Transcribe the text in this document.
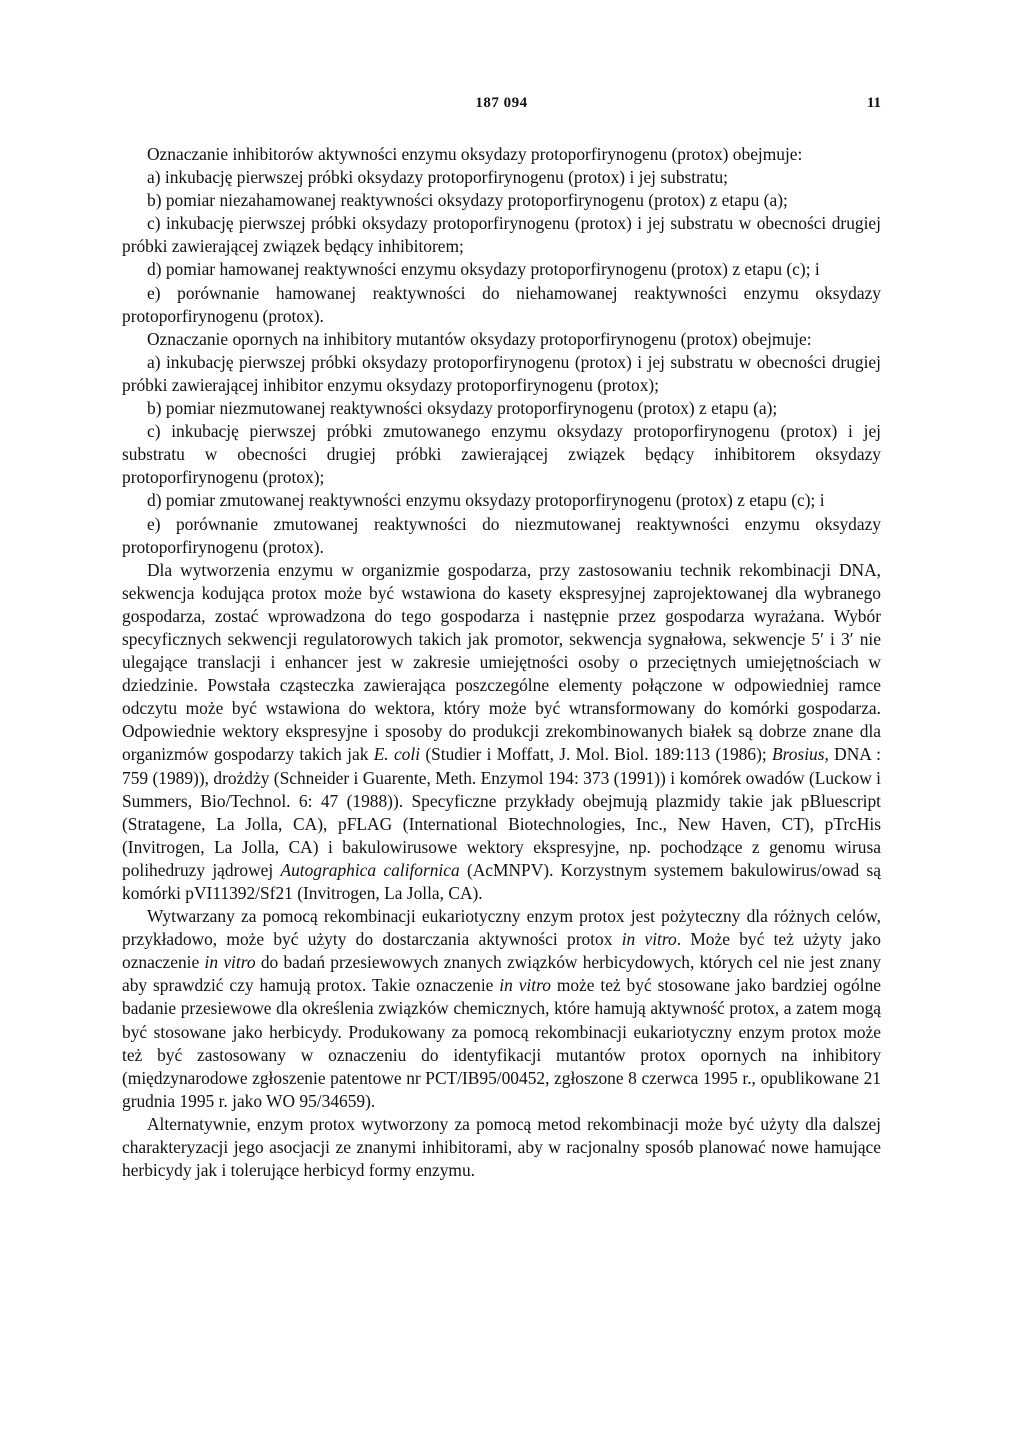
187 094	11

Oznaczanie inhibitorów aktywności enzymu oksydazy protoporfirynogenu (protox) obejmuje:

a) inkubację pierwszej próbki oksydazy protoporfirynogenu (protox) i jej substratu;

b) pomiar niezahamowanej reaktywności oksydazy protoporfirynogenu (protox) z etapu (a);

c) inkubację pierwszej próbki oksydazy protoporfirynogenu (protox) i jej substratu w obecności drugiej próbki zawierającej związek będący inhibitorem;

d) pomiar hamowanej reaktywności enzymu oksydazy protoporfirynogenu (protox) z etapu (c); i

e) porównanie hamowanej reaktywności do niehamowanej reaktywności enzymu oksydazy protoporfirynogenu (protox).

Oznaczanie opornych na inhibitory mutantów oksydazy protoporfirynogenu (protox) obejmuje:

a) inkubację pierwszej próbki oksydazy protoporfirynogenu (protox) i jej substratu w obecności drugiej próbki zawierającej inhibitor enzymu oksydazy protoporfirynogenu (protox);

b) pomiar niezmutowanej reaktywności oksydazy protoporfirynogenu (protox) z etapu (a);

c) inkubację pierwszej próbki zmutowanego enzymu oksydazy protoporfirynogenu (protox) i jej substratu w obecności drugiej próbki zawierającej związek będący inhibitorem oksydazy protoporfirynogenu (protox);

d) pomiar zmutowanej reaktywności enzymu oksydazy protoporfirynogenu (protox) z etapu (c); i

e) porównanie zmutowanej reaktywności do niezmutowanej reaktywności enzymu oksydazy protoporfirynogenu (protox).

Dla wytworzenia enzymu w organizmie gospodarza, przy zastosowaniu technik rekombinacji DNA, sekwencja kodująca protox może być wstawiona do kasety ekspresyjnej zaprojektowanej dla wybranego gospodarza, zostać wprowadzona do tego gospodarza i następnie przez gospodarza wyrażana. Wybór specyficznych sekwencji regulatorowych takich jak promotor, sekwencja sygnałowa, sekwencje 5′ i 3′ nie ulegające translacji i enhancer jest w zakresie umiejętności osoby o przeciętnych umiejętnościach w dziedzinie. Powstała cząsteczka zawierająca poszczególne elementy połączone w odpowiedniej ramce odczytu może być wstawiona do wektora, który może być wtransformowany do komórki gospodarza. Odpowiednie wektory ekspresyjne i sposoby do produkcji zrekombinowanych białek są dobrze znane dla organizmów gospodarzy takich jak E. coli (Studier i Moffatt, J. Mol. Biol. 189:113 (1986); Brosius, DNA : 759 (1989)), drożdży (Schneider i Guarente, Meth. Enzymol 194: 373 (1991)) i komórek owadów (Luckow i Summers, Bio/Technol. 6: 47 (1988)). Specyficzne przykłady obejmują plazmidy takie jak pBluescript (Stratagene, La Jolla, CA), pFLAG (International Biotechnologies, Inc., New Haven, CT), pTrcHis (Invitrogen, La Jolla, CA) i bakulowirusowe wektory ekspresyjne, np. pochodzące z genomu wirusa polihedruzy jądrowej Autographica californica (AcMNPV). Korzystnym systemem bakulowirus/owad są komórki pVI11392/Sf21 (Invitrogen, La Jolla, CA).

Wytwarzany za pomocą rekombinacji eukariotyczny enzym protox jest pożyteczny dla różnych celów, przykładowo, może być użyty do dostarczania aktywności protox in vitro. Może być też użyty jako oznaczenie in vitro do badań przesiewowych znanych związków herbicydowych, których cel nie jest znany aby sprawdzić czy hamują protox. Takie oznaczenie in vitro może też być stosowane jako bardziej ogólne badanie przesiewowe dla określenia związków chemicznych, które hamują aktywność protox, a zatem mogą być stosowane jako herbicydy. Produkowany za pomocą rekombinacji eukariotyczny enzym protox może też być zastosowany w oznaczeniu do identyfikacji mutantów protox opornych na inhibitory (międzynarodowe zgłoszenie patentowe nr PCT/IB95/00452, zgłoszone 8 czerwca 1995 r., opublikowane 21 grudnia 1995 r. jako WO 95/34659).

Alternatywnie, enzym protox wytworzony za pomocą metod rekombinacji może być użyty dla dalszej charakteryzacji jego asocjacji ze znanymi inhibitorami, aby w racjonalny sposób planować nowe hamujące herbicydy jak i tolerujące herbicyd formy enzymu.
